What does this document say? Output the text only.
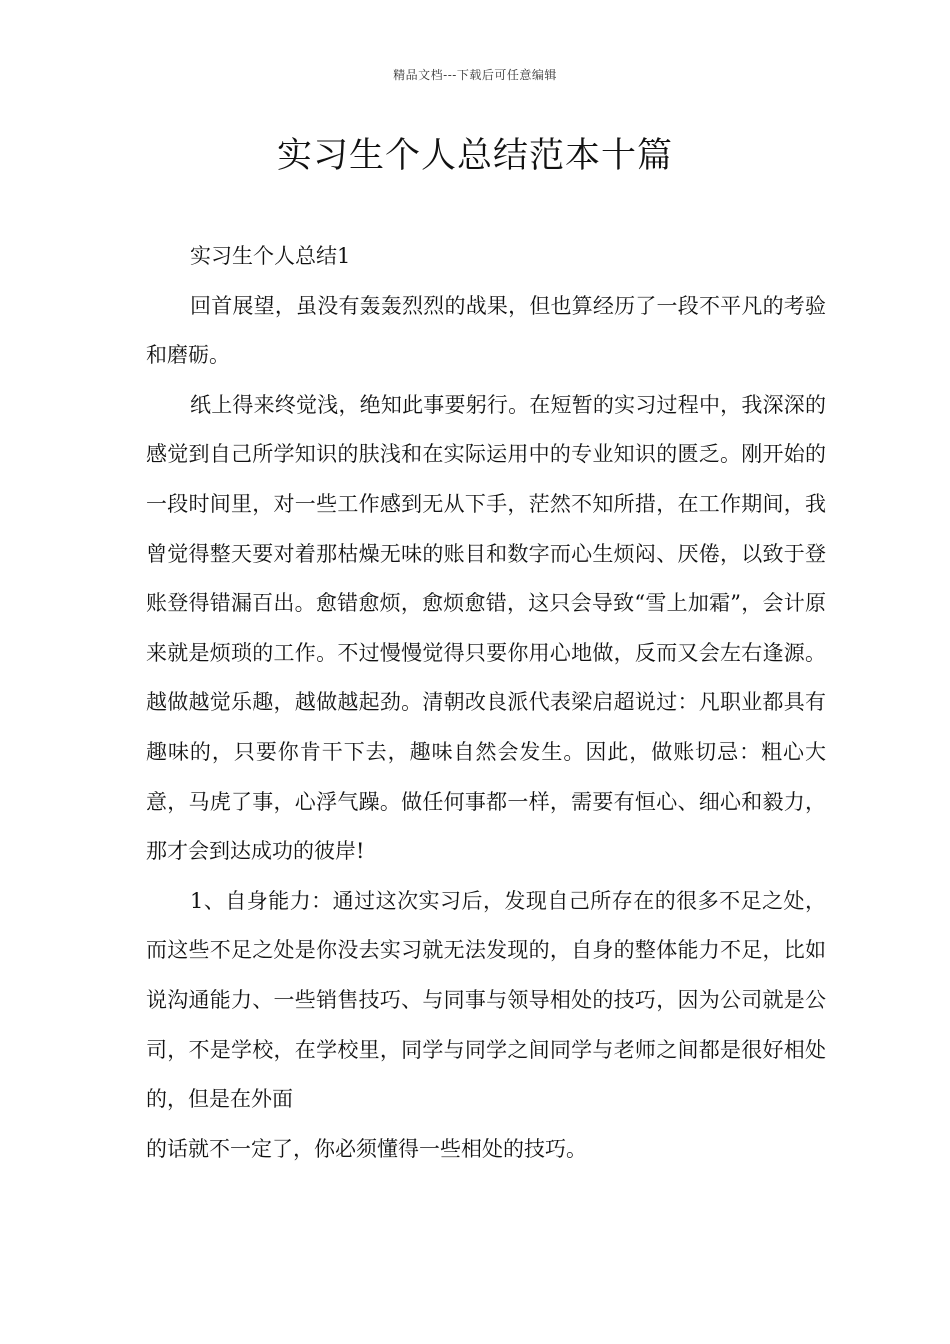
精品文档---下载后可任意编辑
实习生个人总结范本十篇

实习生个人总结1

回首展望，虽没有轰轰烈烈的战果，但也算经历了一段不平凡的考验和磨砺。

纸上得来终觉浅，绝知此事要躬行。在短暂的实习过程中，我深深的感觉到自己所学知识的肤浅和在实际运用中的专业知识的匮乏。刚开始的一段时间里，对一些工作感到无从下手，茫然不知所措，在工作期间，我曾觉得整天要对着那枯燥无味的账目和数字而心生烦闷、厌倦，以致于登账登得错漏百出。愈错愈烦，愈烦愈错，这只会导致“雪上加霜”，会计原来就是烦琐的工作。不过慢慢觉得只要你用心地做，反而又会左右逢源。越做越觉乐趣，越做越起劲。清朝改良派代表梁启超说过：凡职业都具有趣味的，只要你肯干下去，趣味自然会发生。因此，做账切忌：粗心大意，马虎了事，心浮气躁。做任何事都一样，需要有恒心、细心和毅力，那才会到达成功的彼岸!

1、自身能力：通过这次实习后，发现自己所存在的很多不足之处，而这些不足之处是你没去实习就无法发现的，自身的整体能力不足，比如说沟通能力、一些销售技巧、与同事与领导相处的技巧，因为公司就是公司，不是学校，在学校里，同学与同学之间同学与老师之间都是很好相处的，但是在外面

的话就不一定了，你必须懂得一些相处的技巧。
